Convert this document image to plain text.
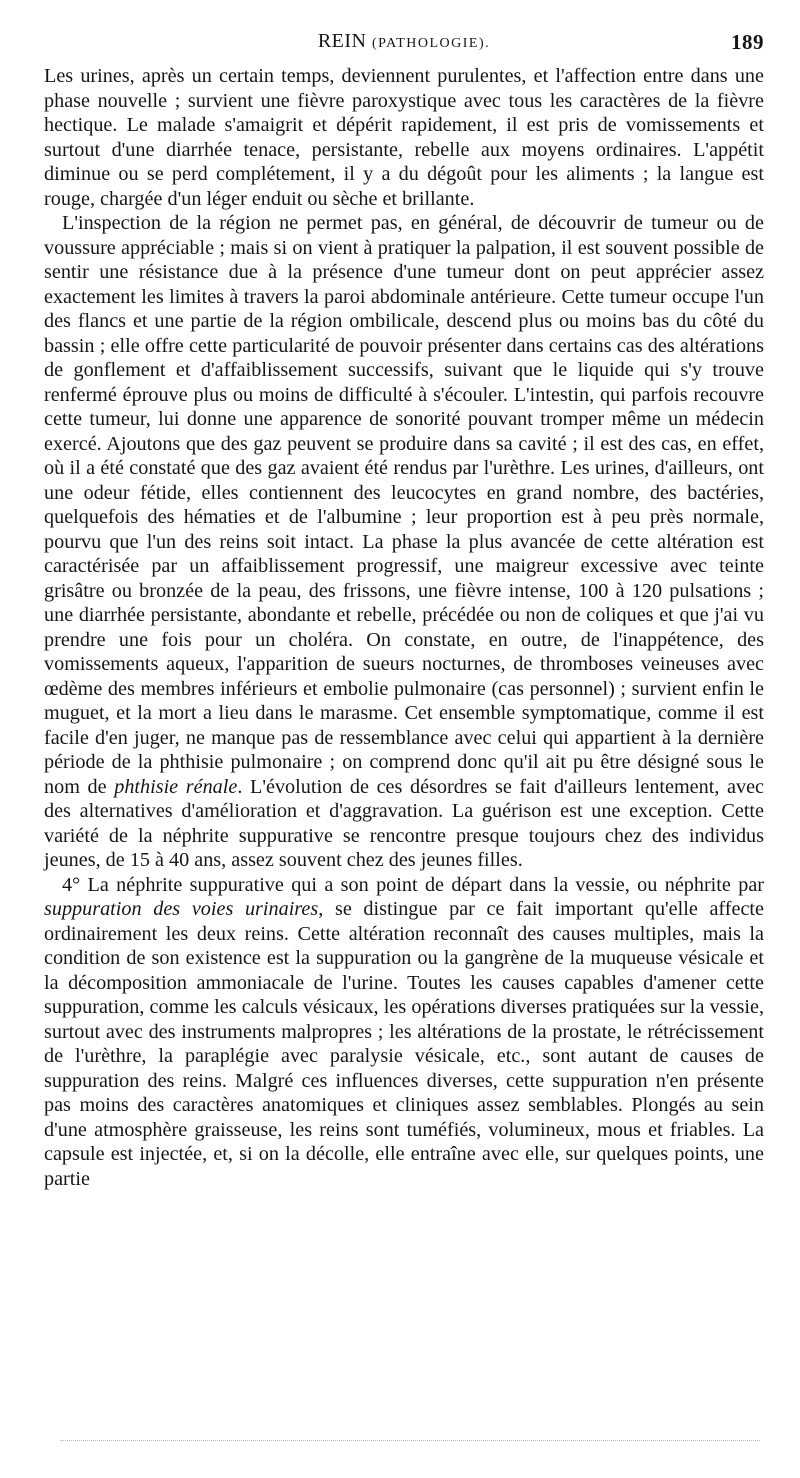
REIN (PATHOLOGIE).	189

Les urines, après un certain temps, deviennent purulentes, et l'affection entre dans une phase nouvelle ; survient une fièvre paroxystique avec tous les caractères de la fièvre hectique. Le malade s'amaigrit et dépérit rapidement, il est pris de vomissements et surtout d'une diarrhée tenace, persistante, rebelle aux moyens ordinaires. L'appétit diminue ou se perd complétement, il y a du dégoût pour les aliments ; la langue est rouge, chargée d'un léger enduit ou sèche et brillante.

L'inspection de la région ne permet pas, en général, de découvrir de tumeur ou de voussure appréciable ; mais si on vient à pratiquer la palpation, il est souvent possible de sentir une résistance due à la présence d'une tumeur dont on peut apprécier assez exactement les limites à travers la paroi abdominale antérieure. Cette tumeur occupe l'un des flancs et une partie de la région ombilicale, descend plus ou moins bas du côté du bassin ; elle offre cette particularité de pouvoir présenter dans certains cas des altérations de gonflement et d'affaiblissement successifs, suivant que le liquide qui s'y trouve renfermé éprouve plus ou moins de difficulté à s'écouler. L'intestin, qui parfois recouvre cette tumeur, lui donne une apparence de sonorité pouvant tromper même un médecin exercé. Ajoutons que des gaz peuvent se produire dans sa cavité ; il est des cas, en effet, où il a été constaté que des gaz avaient été rendus par l'urèthre. Les urines, d'ailleurs, ont une odeur fétide, elles contiennent des leucocytes en grand nombre, des bactéries, quelquefois des hématies et de l'albumine ; leur proportion est à peu près normale, pourvu que l'un des reins soit intact. La phase la plus avancée de cette altération est caractérisée par un affaiblissement progressif, une maigreur excessive avec teinte grisâtre ou bronzée de la peau, des frissons, une fièvre intense, 100 à 120 pulsations ; une diarrhée persistante, abondante et rebelle, précédée ou non de coliques et que j'ai vu prendre une fois pour un choléra. On constate, en outre, de l'inappétence, des vomissements aqueux, l'apparition de sueurs nocturnes, de thromboses veineuses avec œdème des membres inférieurs et embolie pulmonaire (cas personnel) ; survient enfin le muguet, et la mort a lieu dans le marasme. Cet ensemble symptomatique, comme il est facile d'en juger, ne manque pas de ressemblance avec celui qui appartient à la dernière période de la phthisie pulmonaire ; on comprend donc qu'il ait pu être désigné sous le nom de phthisie rénale. L'évolution de ces désordres se fait d'ailleurs lentement, avec des alternatives d'amélioration et d'aggravation. La guérison est une exception. Cette variété de la néphrite suppurative se rencontre presque toujours chez des individus jeunes, de 15 à 40 ans, assez souvent chez des jeunes filles.

4° La néphrite suppurative qui a son point de départ dans la vessie, ou néphrite par suppuration des voies urinaires, se distingue par ce fait important qu'elle affecte ordinairement les deux reins. Cette altération reconnaît des causes multiples, mais la condition de son existence est la suppuration ou la gangrène de la muqueuse vésicale et la décomposition ammoniacale de l'urine. Toutes les causes capables d'amener cette suppuration, comme les calculs vésicaux, les opérations diverses pratiquées sur la vessie, surtout avec des instruments malpropres ; les altérations de la prostate, le rétrécissement de l'urèthre, la paraplégie avec paralysie vésicale, etc., sont autant de causes de suppuration des reins. Malgré ces influences diverses, cette suppuration n'en présente pas moins des caractères anatomiques et cliniques assez semblables. Plongés au sein d'une atmosphère graisseuse, les reins sont tuméfiés, volumineux, mous et friables. La capsule est injectée, et, si on la décolle, elle entraîne avec elle, sur quelques points, une partie
